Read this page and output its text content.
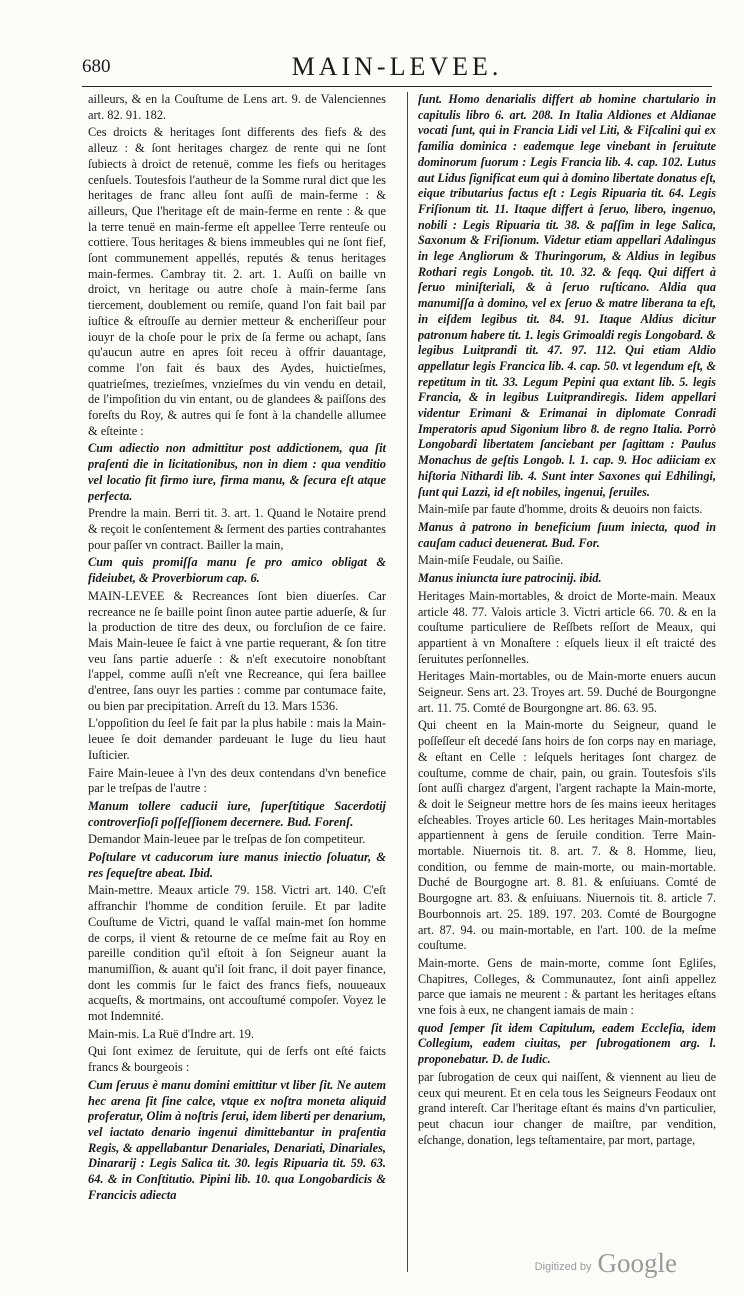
680	MAIN-LEVEE.

ailleurs, & en la Couſtume de Lens art. 9. de Valenciennes art. 82. 91. 182.

Ces droicts & heritages ſont differents des fiefs & des alleuz : & ſont heritages chargez de rente qui ne ſont ſubiects à droict de retenuë, comme les fiefs ou heritages cenſuels. Toutesfois l'autheur de la Somme rural dict que les heritages de franc alleu ſont auſſi de main-ferme : & ailleurs, Que l'heritage eſt de main-ferme en rente : & que la terre tenuë en main-ferme eſt appellee Terre renteuſe ou cottiere. Tous heritages & biens immeubles qui ne ſont fief, ſont communement appellés, reputés & tenus heritages main-fermes. Cambray tit. 2. art. 1. Auſſi on baille vn droict, vn heritage ou autre choſe à main-ferme ſans tiercement, doublement ou remiſe, quand l'on fait bail par iuſtice & eſtrouſſe au dernier metteur & encheriſſeur pour iouyr de la choſe pour le prix de ſa ferme ou achapt, ſans qu'aucun autre en apres ſoit receu à offrir dauantage, comme l'on fait és baux des Aydes, huictieſmes, quatrieſmes, trezieſmes, vnzieſmes du vin vendu en detail, de l'impoſition du vin entant, ou de glandees & paiſſons des foreſts du Roy, & autres qui ſe font à la chandelle allumee & eſteinte :

Cum adiectio non admittitur post addictionem, qua ſit praſenti die in licitationibus, non in diem : qua venditio vel locatio fit firmo iure, firma manu, & ſecura eſt atque perfecta.

Prendre la main. Berri tit. 3. art. 1. Quand le Notaire prend & reçoit le conſentement & ſerment des parties contrahantes pour paſſer vn contract. Bailler la main,

Cum quis promiſſa manu ſe pro amico obligat & fideiubet, & Proverbiorum cap. 6.

MAIN-LEVEE & Recreances ſont bien diuerſes. Car recreance ne ſe baille point ſinon autee partie aduerſe, & ſur la production de titre des deux, ou forcluſion de ce faire. Mais Main-leuee ſe faict à vne partie requerant, & ſon titre veu ſans partie aduerſe : & n'eſt executoire nonobſtant l'appel, comme auſſi n'eſt vne Recreance, qui ſera baillee d'entree, ſans ouyr les parties : comme par contumace faite, ou bien par precipitation. Arreſt du 13. Mars 1536.

L'oppoſition du ſeel ſe fait par la plus habile : mais la Main-leuee ſe doit demander pardeuant le Iuge du lieu haut Iuſticier.

Faire Main-leuee à l'vn des deux contendans d'vn benefice par le treſpas de l'autre :

Manum tollere caducii iure, ſuperſtitique Sacerdotij controverſioſi poſſeſſionem decernere. Bud. Forenſ.

Demandor Main-leuee par le treſpas de ſon competiteur.

Poſtulare vt caducorum iure manus iniectio ſoluatur, & res ſequeſtre abeat. Ibid.

Main-mettre. Meaux article 79. 158. Victri art. 140. C'eſt affranchir l'homme de condition ſeruile. Et par ladite Couſtume de Victri, quand le vaſſal main-met ſon homme de corps, il vient & retourne de ce meſme fait au Roy en pareille condition qu'il eſtoit à ſon Seigneur auant la manumiſſion, & auant qu'il ſoit franc, il doit payer finance, dont les commis ſur le faict des francs fiefs, nouueaux acqueſts, & mortmains, ont accouſtumé compoſer. Voyez le mot Indemnité.

Main-mis. La Ruë d'Indre art. 19.

Qui ſont eximez de ſeruitute, qui de ſerfs ont eſté faicts francs & bourgeois :

Cum ſeruus è manu domini emittitur vt liber ſit. Ne autem hec arena ſit ſine calce, vtque ex noſtra moneta aliquid proferatur, Olim à noſtris ſerui, idem liberti per denarium, vel iactato denario ingenui dimittebantur in praſentia Regis, & appellabantur Denariales, Denariati, Dinariales, Dinararij : Legis Salica tit. 30. legis Ripuaria tit. 59. 63. 64. & in Conſtitutio. Pipini lib. 10. qua Longobardicis & Francicis adiecta

ſunt. Homo denarialis differt ab homine chartulario in capitulis libro 6. art. 208. In Italia Aldiones et Aldianae vocati ſunt, qui in Francia Lidi vel Liti, & Fiſcalini qui ex familia dominica : eademque lege vinebant in ſeruitute dominorum ſuorum : Legis Francia lib. 4. cap. 102. Lutus aut Lidus ſignificat eum qui à domino libertate donatus eſt, eique tributarius factus eſt : Legis Ripuaria tit. 64. Legis Friſionum tit. 11. Itaque differt à ſeruo, libero, ingenuo, nobili : Legis Ripuaria tit. 38. & paſſim in lege Salica, Saxonum & Friſionum. Videtur etiam appellari Adalingus in lege Angliorum & Thuringorum, & Aldius in legibus Rothari regis Longob. tit. 10. 32. & ſeqq. Qui differt à ſeruo miniſteriali, & à ſeruo ruſticano. Aldia qua manumiſſa à domino, vel ex ſeruo & matre liberana ta eſt, in eiſdem legibus tit. 84. 91. Itaque Aldius dicitur patronum habere tit. 1. legis Grimoaldi regis Longobard. & legibus Luitprandi tit. 47. 97. 112. Qui etiam Aldio appellatur legis Francica lib. 4. cap. 50. vt legendum eſt, & repetitum in tit. 33. Legum Pepini qua extant lib. 5. legis Francia, & in legibus Luitprandiregis. Iidem appellari videntur Erimani & Erimanai in diplomate Conradi Imperatoris apud Sigonium libro 8. de regno Italia. Porrò Longobardi libertatem ſanciebant per ſagittam : Paulus Monachus de geſtis Longob. l. 1. cap. 9. Hoc adiiciam ex hiſtoria Nithardi lib. 4. Sunt inter Saxones qui Edhilingi, ſunt qui Lazzi, id eſt nobiles, ingenui, ſeruiles.

Main-miſe par faute d'homme, droits & deuoirs non faicts.

Manus à patrono in beneficium ſuum iniecta, quod in cauſam caduci deuenerat. Bud. For.

Main-miſe Feudale, ou Saiſie.

Manus iniuncta iure patrocinij. ibid.

Heritages Main-mortables, & droict de Morte-main. Meaux article 48. 77. Valois article 3. Victri article 66. 70. & en la couſtume particuliere de Reſſbets reſſort de Meaux, qui appartient à vn Monaſtere : eſquels lieux il eſt traicté des ſeruitutes perſonnelles.

Heritages Main-mortables, ou de Main-morte enuers aucun Seigneur. Sens art. 23. Troyes art. 59. Duché de Bourgongne art. 11. 75. Comté de Bourgongne art. 86. 63. 95.

Qui cheent en la Main-morte du Seigneur, quand le poſſeſſeur eſt decedé ſans hoirs de ſon corps nay en mariage, & eſtant en Celle : leſquels heritages ſont chargez de couſtume, comme de chair, pain, ou grain. Toutesfois s'ils ſont auſſi chargez d'argent, l'argent rachapte la Main-morte, & doit le Seigneur mettre hors de ſes mains ieeux heritages eſcheables. Troyes article 60. Les heritages Main-mortables appartiennent à gens de ſeruile condition. Terre Main-mortable. Niuernois tit. 8. art. 7. & 8. Homme, lieu, condition, ou femme de main-morte, ou main-mortable. Duché de Bourgogne art. 8. 81. & enſuiuans. Comté de Bourgogne art. 83. & enſuiuans. Niuernois tit. 8. article 7. Bourbonnois art. 25. 189. 197. 203. Comté de Bourgogne art. 87. 94. ou main-mortable, en l'art. 100. de la meſme couſtume.

Main-morte. Gens de main-morte, comme ſont Egliſes, Chapitres, Colleges, & Communautez, ſont ainſi appellez parce que iamais ne meurent : & partant les heritages eſtans vne fois à eux, ne changent iamais de main :

quod ſemper ſit idem Capitulum, eadem Eccleſia, idem Collegium, eadem ciuitas, per ſubrogationem arg. l. proponebatur. D. de Iudic.

par ſubrogation de ceux qui naiſſent, & viennent au lieu de ceux qui meurent. Et en cela tous les Seigneurs Feodaux ont grand intereſt. Car l'heritage eſtant és mains d'vn particulier, peut chacun iour changer de maiſtre, par vendition, eſchange, donation, legs teſtamentaire, par mort, partage,

Digitized by Google
